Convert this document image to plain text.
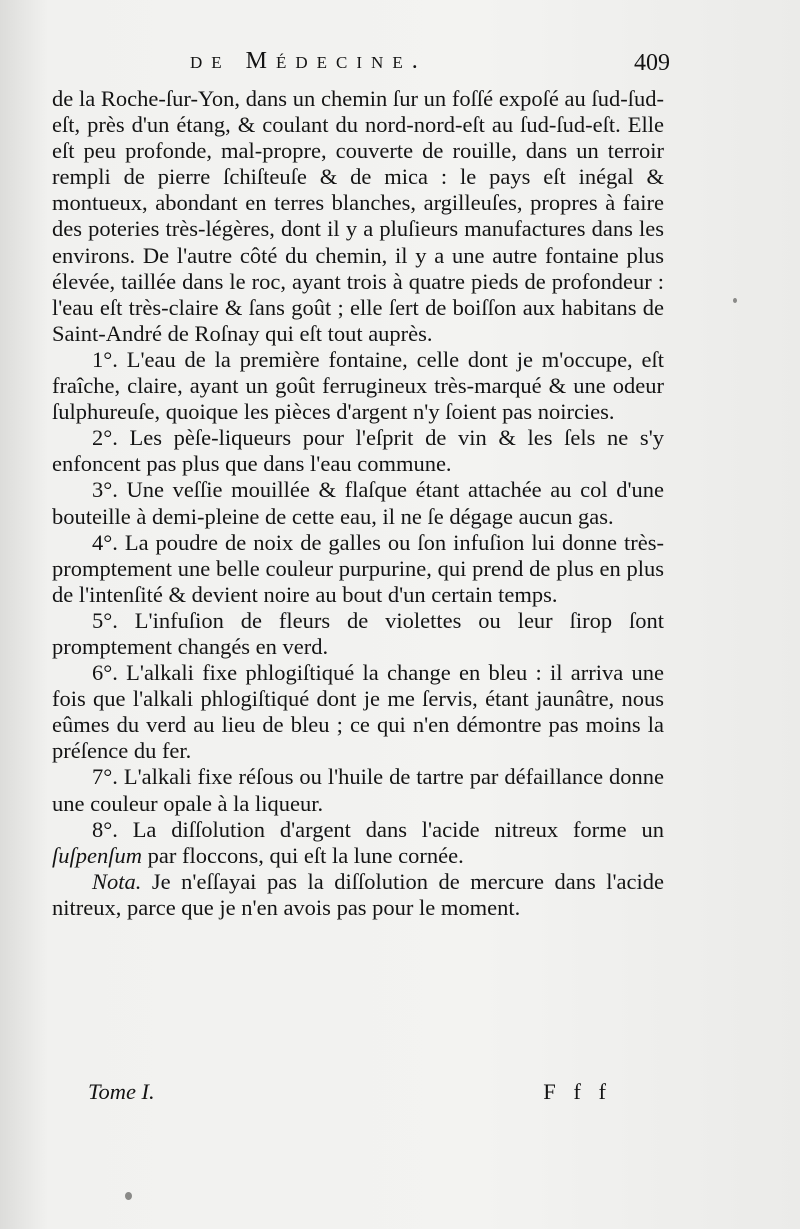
de Médecine.	409

de la Roche-ſur-Yon, dans un chemin ſur un foſſé expoſé au ſud-ſud-eſt, près d'un étang, & coulant du nord-nord-eſt au ſud-ſud-eſt. Elle eſt peu profonde, mal-propre, couverte de rouille, dans un terroir rempli de pierre ſchiſteuſe & de mica : le pays eſt inégal & montueux, abondant en terres blanches, argilleuſes, propres à faire des poteries très-légères, dont il y a pluſieurs manufactures dans les environs. De l'autre côté du chemin, il y a une autre fontaine plus élevée, taillée dans le roc, ayant trois à quatre pieds de profondeur : l'eau eſt très-claire & ſans goût ; elle ſert de boiſſon aux habitans de Saint-André de Roſnay qui eſt tout auprès.

1°. L'eau de la première fontaine, celle dont je m'occupe, eſt fraîche, claire, ayant un goût ferrugineux très-marqué & une odeur ſulphureuſe, quoique les pièces d'argent n'y ſoient pas noircies.

2°. Les pèſe-liqueurs pour l'eſprit de vin & les ſels ne s'y enfoncent pas plus que dans l'eau commune.

3°. Une veſſie mouillée & flaſque étant attachée au col d'une bouteille à demi-pleine de cette eau, il ne ſe dégage aucun gas.

4°. La poudre de noix de galles ou ſon infuſion lui donne très-promptement une belle couleur purpurine, qui prend de plus en plus de l'intenſité & devient noire au bout d'un certain temps.

5°. L'infuſion de fleurs de violettes ou leur ſirop ſont promptement changés en verd.

6°. L'alkali fixe phlogiſtiqué la change en bleu : il arriva une fois que l'alkali phlogiſtiqué dont je me ſervis, étant jaunâtre, nous eûmes du verd au lieu de bleu ; ce qui n'en démontre pas moins la préſence du fer.

7°. L'alkali fixe réſous ou l'huile de tartre par défaillance donne une couleur opale à la liqueur.

8°. La diſſolution d'argent dans l'acide nitreux forme un ſuſpenſum par floccons, qui eſt la lune cornée.

Nota. Je n'eſſayai pas la diſſolution de mercure dans l'acide nitreux, parce que je n'en avois pas pour le moment.

Tome I.	F f f
